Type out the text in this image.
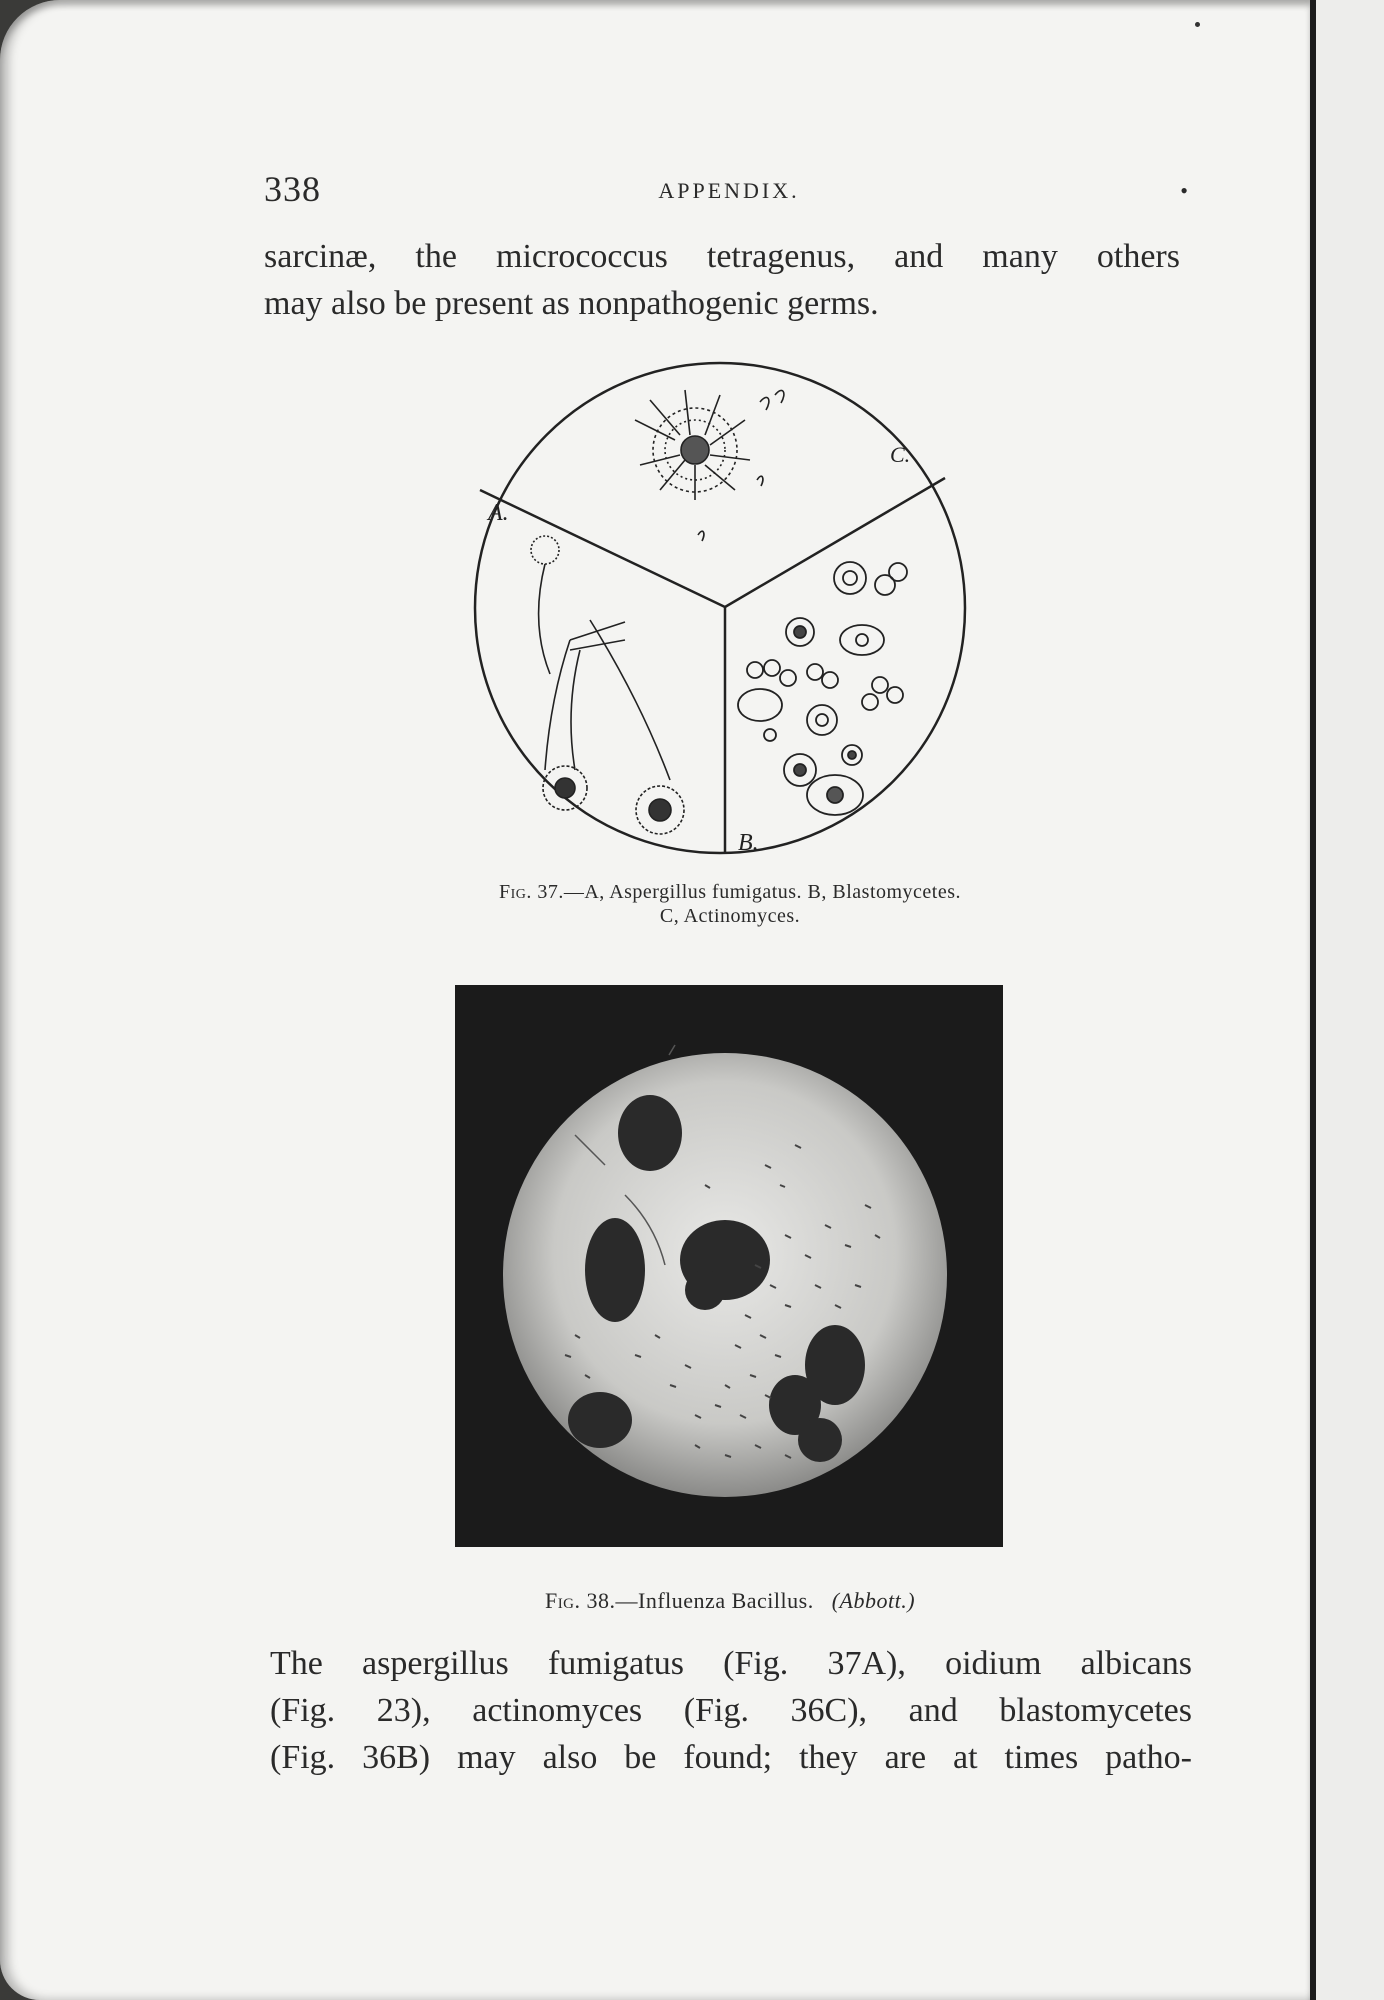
338	APPENDIX.	•

sarcinæ, the micrococcus tetragenus, and many others
may also be present as nonpathogenic germs.

A.
B.
C.
Fig. 37.—A, Aspergillus fumigatus. B, Blastomycetes.
C, Actinomyces.
Fig. 38.—Influenza Bacillus. (Abbott.)

The aspergillus fumigatus (Fig. 37A), oidium albicans
(Fig. 23), actinomyces (Fig. 36C), and blastomycetes
(Fig. 36B) may also be found; they are at times patho-
